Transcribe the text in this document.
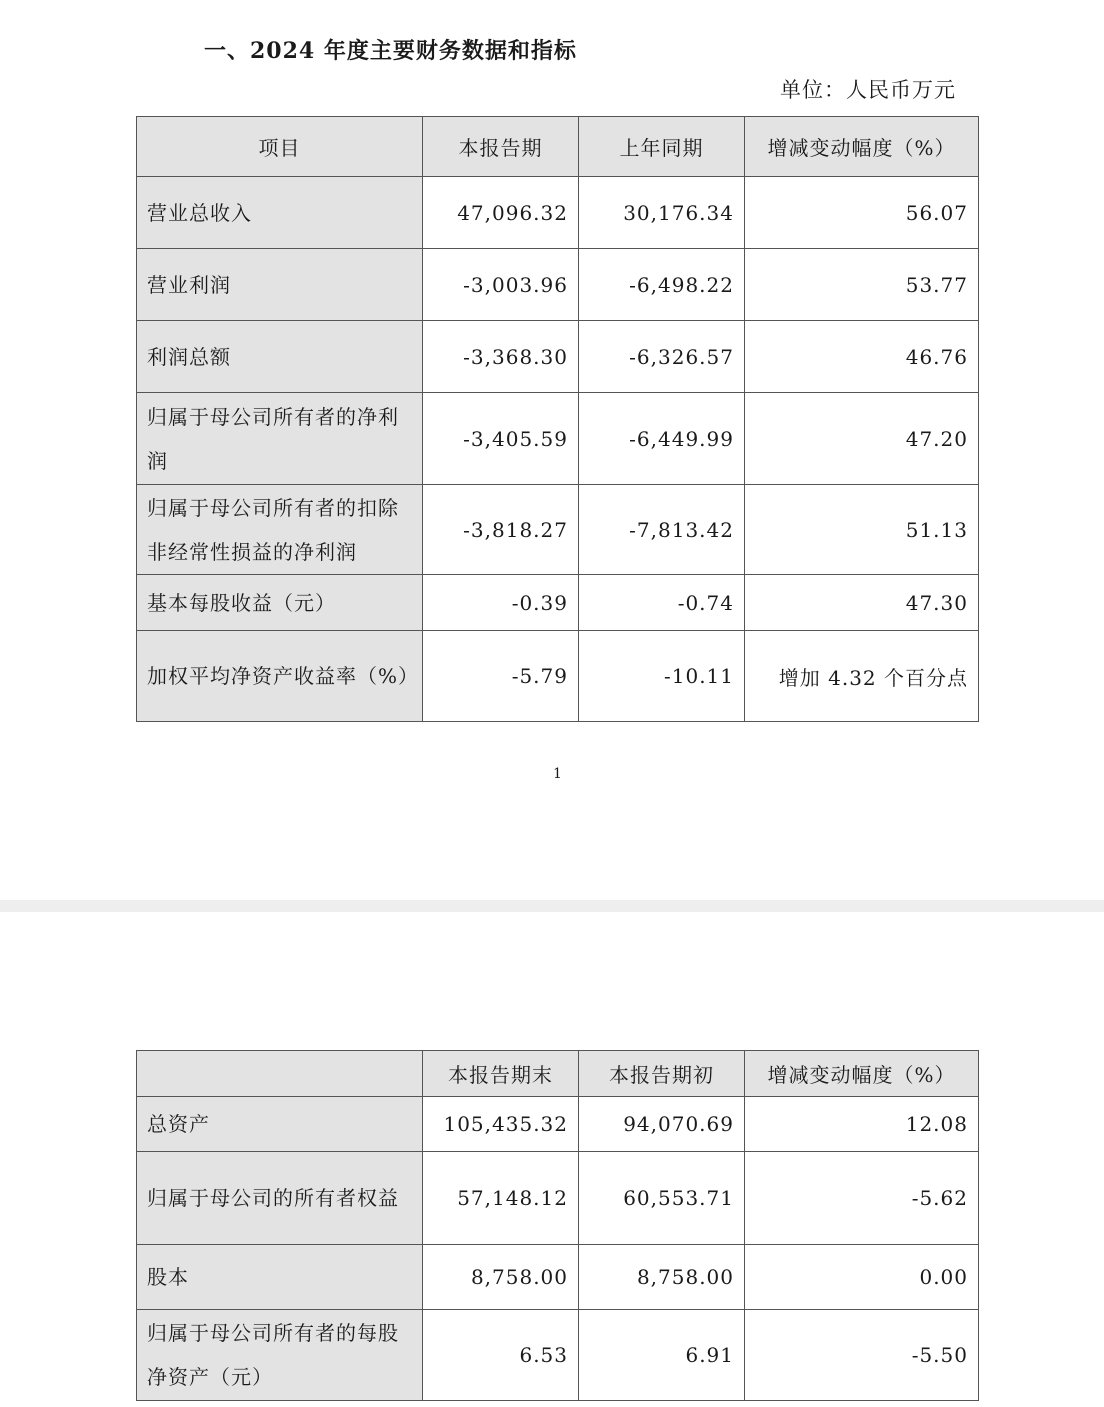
一、2024 年度主要财务数据和指标
单位：人民币万元
项目	本报告期	上年同期	增减变动幅度（%）
营业总收入	47,096.32	30,176.34	56.07
营业利润	-3,003.96	-6,498.22	53.77
利润总额	-3,368.30	-6,326.57	46.76
归属于母公司所有者的净利润	-3,405.59	-6,449.99	47.20
归属于母公司所有者的扣除非经常性损益的净利润	-3,818.27	-7,813.42	51.13
基本每股收益（元）	-0.39	-0.74	47.30
加权平均净资产收益率（%）	-5.79	-10.11	增加 4.32 个百分点
1
	本报告期末	本报告期初	增减变动幅度（%）
总资产	105,435.32	94,070.69	12.08
归属于母公司的所有者权益	57,148.12	60,553.71	-5.62
股本	8,758.00	8,758.00	0.00
归属于母公司所有者的每股净资产（元）	6.53	6.91	-5.50
